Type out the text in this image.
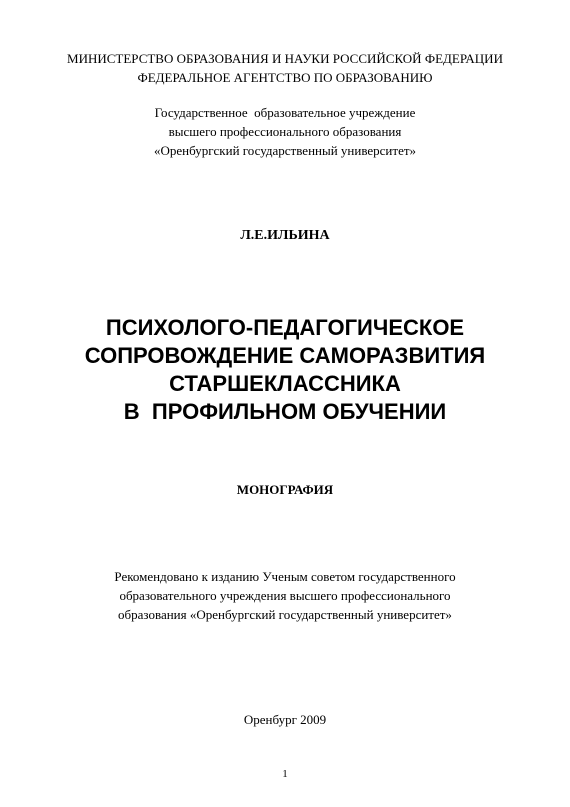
МИНИСТЕРСТВО ОБРАЗОВАНИЯ И НАУКИ РОССИЙСКОЙ ФЕДЕРАЦИИ
ФЕДЕРАЛЬНОЕ АГЕНТСТВО ПО ОБРАЗОВАНИЮ
Государственное  образовательное учреждение
высшего профессионального образования
«Оренбургский государственный университет»
Л.Е.ИЛЬИНА
ПСИХОЛОГО-ПЕДАГОГИЧЕСКОЕ
СОПРОВОЖДЕНИЕ САМОРАЗВИТИЯ
СТАРШЕКЛАССНИКА
В  ПРОФИЛЬНОМ ОБУЧЕНИИ
МОНОГРАФИЯ
Рекомендовано к изданию Ученым советом государственного
образовательного учреждения высшего профессионального
образования «Оренбургский государственный университет»
Оренбург 2009
1
